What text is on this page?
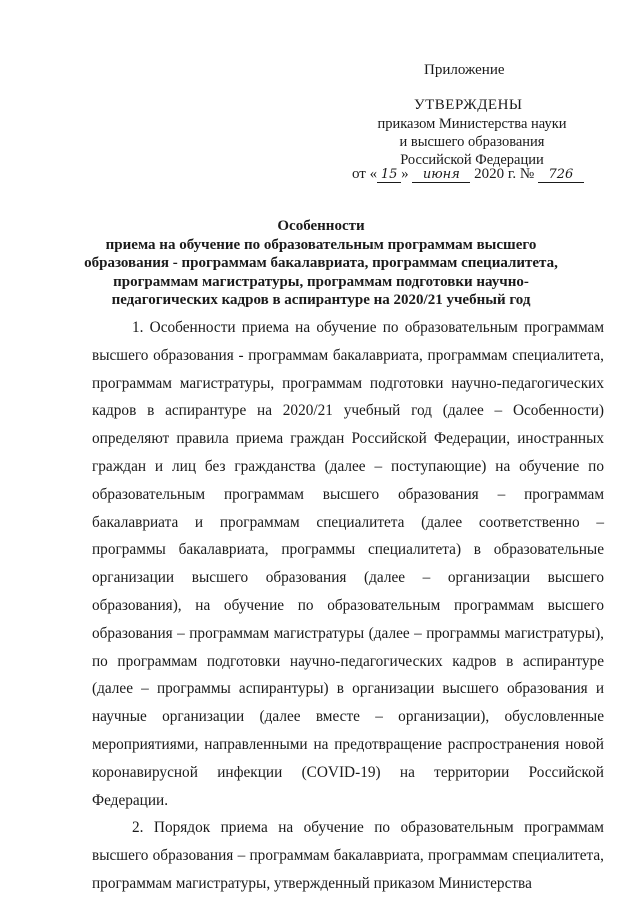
Приложение
УТВЕРЖДЕНЫ
приказом Министерства науки
и высшего образования
Российской Федерации
от « 15 » июня 2020 г. № 726
Особенности
приема на обучение по образовательным программам высшего образования - программам бакалавриата, программам специалитета, программам магистратуры, программам подготовки научно-педагогических кадров в аспирантуре на 2020/21 учебный год

1. Особенности приема на обучение по образовательным программам высшего образования - программам бакалавриата, программам специалитета, программам магистратуры, программам подготовки научно-педагогических кадров в аспирантуре на 2020/21 учебный год (далее – Особенности) определяют правила приема граждан Российской Федерации, иностранных граждан и лиц без гражданства (далее – поступающие) на обучение по образовательным программам высшего образования – программам бакалавриата и программам специалитета (далее соответственно – программы бакалавриата, программы специалитета) в образовательные организации высшего образования (далее – организации высшего образования), на обучение по образовательным программам высшего образования – программам магистратуры (далее – программы магистратуры), по программам подготовки научно-педагогических кадров в аспирантуре (далее – программы аспирантуры) в организации высшего образования и научные организации (далее вместе – организации), обусловленные мероприятиями, направленными на предотвращение распространения новой коронавирусной инфекции (COVID-19) на территории Российской Федерации.

2. Порядок приема на обучение по образовательным программам высшего образования – программам бакалавриата, программам специалитета, программам магистратуры, утвержденный приказом Министерства
